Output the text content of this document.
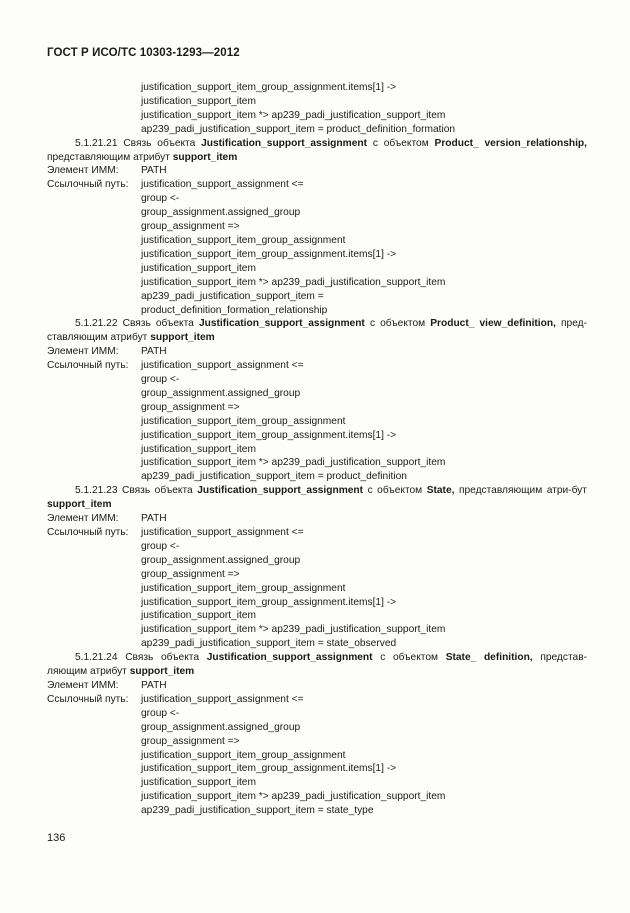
ГОСТ Р ИСО/ТС 10303-1293—2012
justification_support_item_group_assignment.items[1] ->
justification_support_item
justification_support_item *> ap239_padi_justification_support_item
ap239_padi_justification_support_item = product_definition_formation
5.1.21.21 Связь объекта Justification_support_assignment с объектом Product_ version_relationship, представляющим атрибут support_item
Элемент ИММ:	PATH
Ссылочный путь:	justification_support_assignment <=
group <-
group_assignment.assigned_group
group_assignment =>
justification_support_item_group_assignment
justification_support_item_group_assignment.items[1] ->
justification_support_item
justification_support_item *> ap239_padi_justification_support_item
ap239_padi_justification_support_item =
product_definition_formation_relationship
5.1.21.22 Связь объекта Justification_support_assignment с объектом Product_ view_definition, пред-ставляющим атрибут support_item
Элемент ИММ:	PATH
Ссылочный путь:	justification_support_assignment <=
group <-
group_assignment.assigned_group
group_assignment =>
justification_support_item_group_assignment
justification_support_item_group_assignment.items[1] ->
justification_support_item
justification_support_item *> ap239_padi_justification_support_item
ap239_padi_justification_support_item = product_definition
5.1.21.23 Связь объекта Justification_support_assignment с объектом State, представляющим атри-бут support_item
Элемент ИММ:	PATH
Ссылочный путь:	justification_support_assignment <=
group <-
group_assignment.assigned_group
group_assignment =>
justification_support_item_group_assignment
justification_support_item_group_assignment.items[1] ->
justification_support_item
justification_support_item *> ap239_padi_justification_support_item
ap239_padi_justification_support_item = state_observed
5.1.21.24 Связь объекта Justification_support_assignment с объектом State_ definition, представ-ляющим атрибут support_item
Элемент ИММ:	PATH
Ссылочный путь:	justification_support_assignment <=
group <-
group_assignment.assigned_group
group_assignment =>
justification_support_item_group_assignment
justification_support_item_group_assignment.items[1] ->
justification_support_item
justification_support_item *> ap239_padi_justification_support_item
ap239_padi_justification_support_item = state_type
136
